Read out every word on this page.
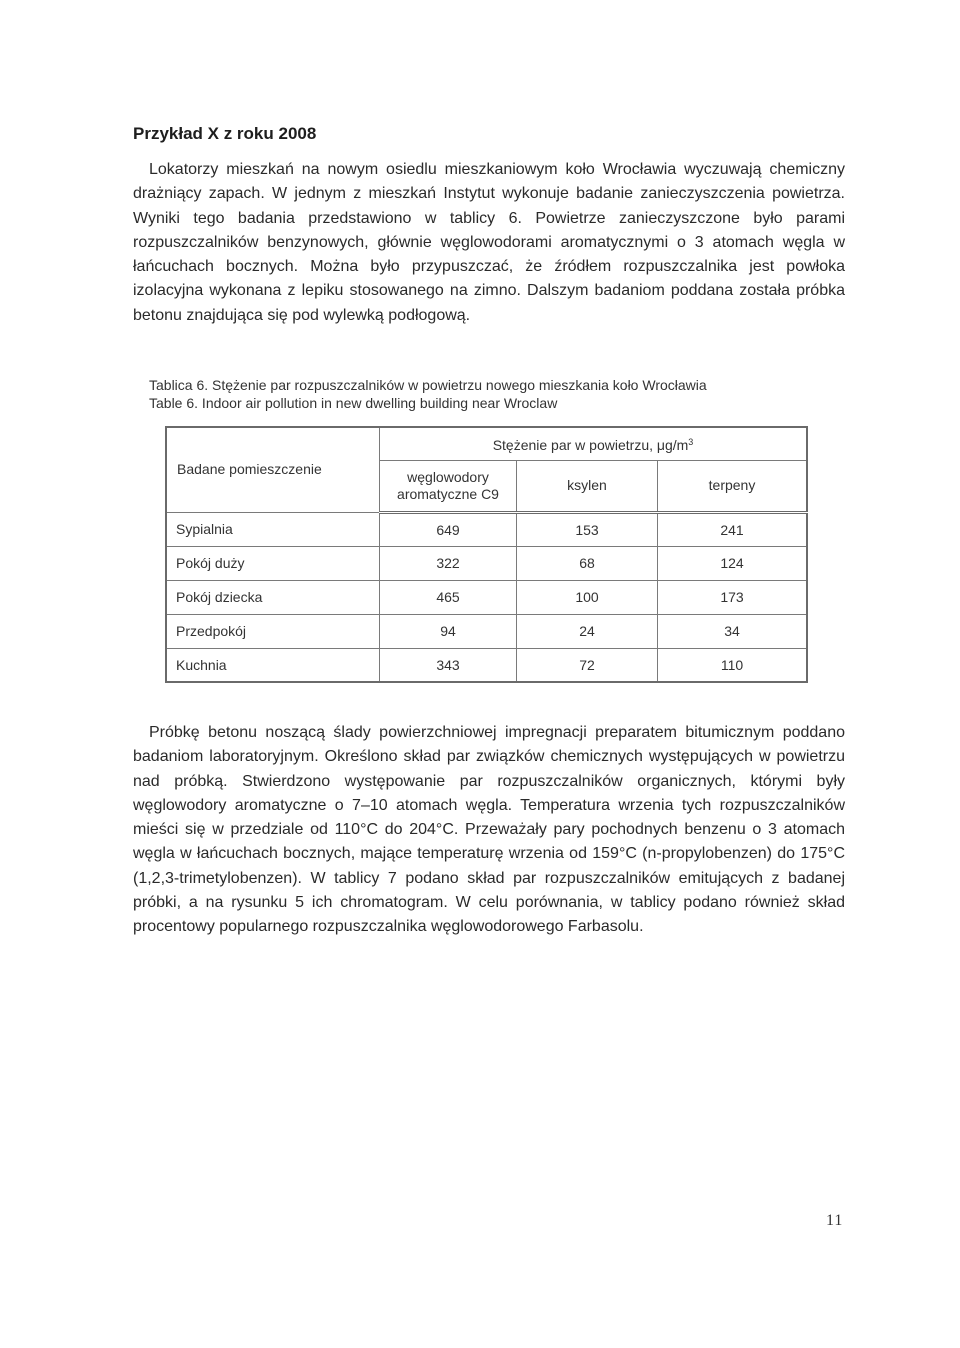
Przykład X z roku 2008

Lokatorzy mieszkań na nowym osiedlu mieszkaniowym koło Wrocławia wyczuwają chemiczny drażniący zapach. W jednym z mieszkań Instytut wykonuje badanie zanieczyszczenia powietrza. Wyniki tego badania przedstawiono w tablicy 6. Powietrze zanieczyszczone było parami rozpuszczalników benzynowych, głównie węglowodorami aromatycznymi o 3 atomach węgla w łańcuchach bocznych. Można było przypuszczać, że źródłem rozpuszczalnika jest powłoka izolacyjna wykonana z lepiku stosowanego na zimno. Dalszym badaniom poddana została próbka betonu znajdująca się pod wylewką podłogową.

Tablica 6. Stężenie par rozpuszczalników w powietrzu nowego mieszkania koło Wrocławia

Table 6. Indoor air pollution in new dwelling building near Wroclaw

Badane pomieszczenie	Stężenie par w powietrzu, $\mu g/m^3$
	węglowodory aromatyczne C9	ksylen	terpeny
Sypialnia	649	153	241
Pokój duży	322	68	124
Pokój dziecka	465	100	173
Przedpokój	94	24	34
Kuchnia	343	72	110

Próbkę betonu noszącą ślady powierzchniowej impregnacji preparatem bitumicznym poddano badaniom laboratoryjnym. Określono skład par związków chemicznych występujących w powietrzu nad próbką. Stwierdzono występowanie par rozpuszczalników organicznych, którymi były węglowodory aromatyczne o 7–10 atomach węgla. Temperatura wrzenia tych rozpuszczalników mieści się w przedziale od 110°C do 204°C. Przeważały pary pochodnych benzenu o 3 atomach węgla w łańcuchach bocznych, mające temperaturę wrzenia od 159°C (n-propylobenzen) do 175°C (1,2,3-trimetylobenzen). W tablicy 7 podano skład par rozpuszczalników emitujących z badanej próbki, a na rysunku 5 ich chromatogram. W celu porównania, w tablicy podano również skład procentowy popularnego rozpuszczalnika węglowodorowego Farbasolu.

11
